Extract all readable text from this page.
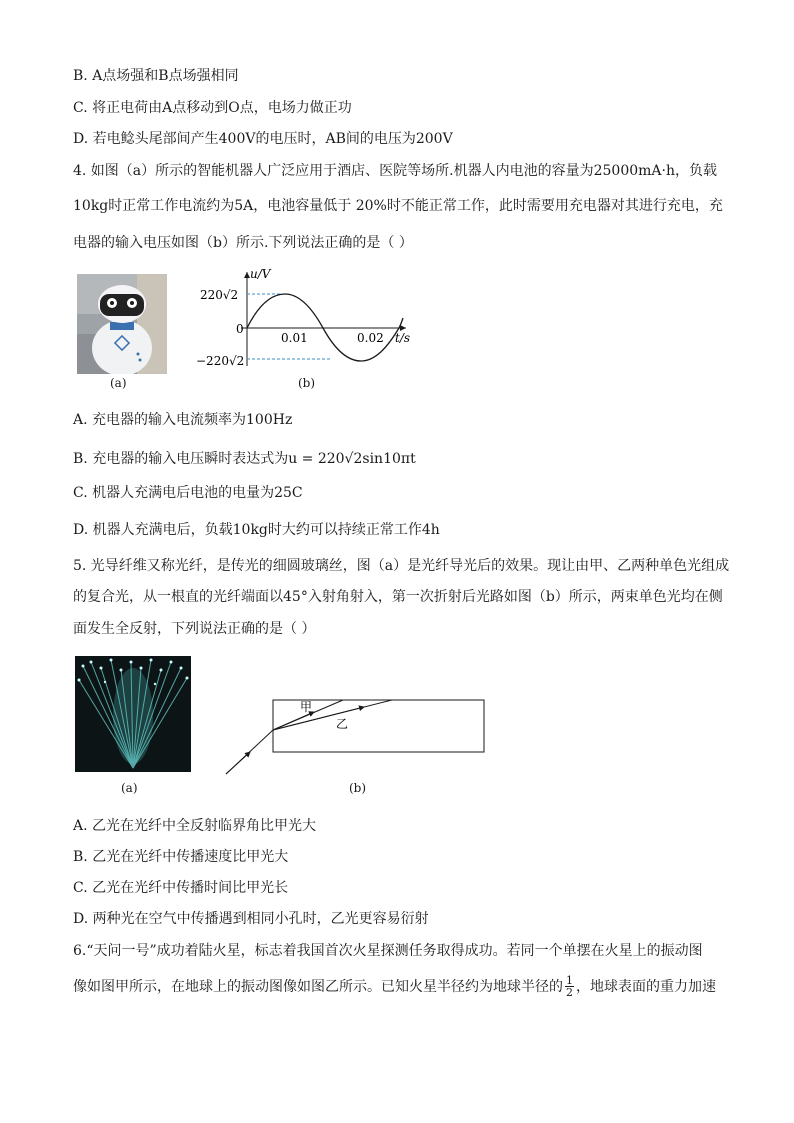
B. A点场强和B点场强相同
C. 将正电荷由A点移动到O点，电场力做正功
D. 若电鲶头尾部间产生400V的电压时，AB间的电压为200V
4. 如图（a）所示的智能机器人广泛应用于酒店、医院等场所.机器人内电池的容量为25000mA·h，负载
10kg时正常工作电流约为5A，电池容量低于 20%时不能正常工作，此时需要用充电器对其进行充电，充
电器的输入电压如图（b）所示.下列说法正确的是（ ）
(a)
u/V
220√2
0
0.01	0.02 t/s
−220√2
(b)
A. 充电器的输入电流频率为100Hz
B. 充电器的输入电压瞬时表达式为u = 220√2sin10πt
C. 机器人充满电后电池的电量为25C
D. 机器人充满电后，负载10kg时大约可以持续正常工作4h
5. 光导纤维又称光纤，是传光的细圆玻璃丝，图（a）是光纤导光后的效果。现让由甲、乙两种单色光组成
的复合光，从一根直的光纤端面以45°入射角射入，第一次折射后光路如图（b）所示，两束单色光均在侧
面发生全反射，下列说法正确的是（ ）
(a)
甲
乙
(b)
A. 乙光在光纤中全反射临界角比甲光大
B. 乙光在光纤中传播速度比甲光大
C. 乙光在光纤中传播时间比甲光长
D. 两种光在空气中传播遇到相同小孔时，乙光更容易衍射
6.“天问一号”成功着陆火星，标志着我国首次火星探测任务取得成功。若同一个单摆在火星上的振动图
像如图甲所示，在地球上的振动图像如图乙所示。已知火星半径约为地球半径的 $\frac{1}{2}$ ，地球表面的重力加速
